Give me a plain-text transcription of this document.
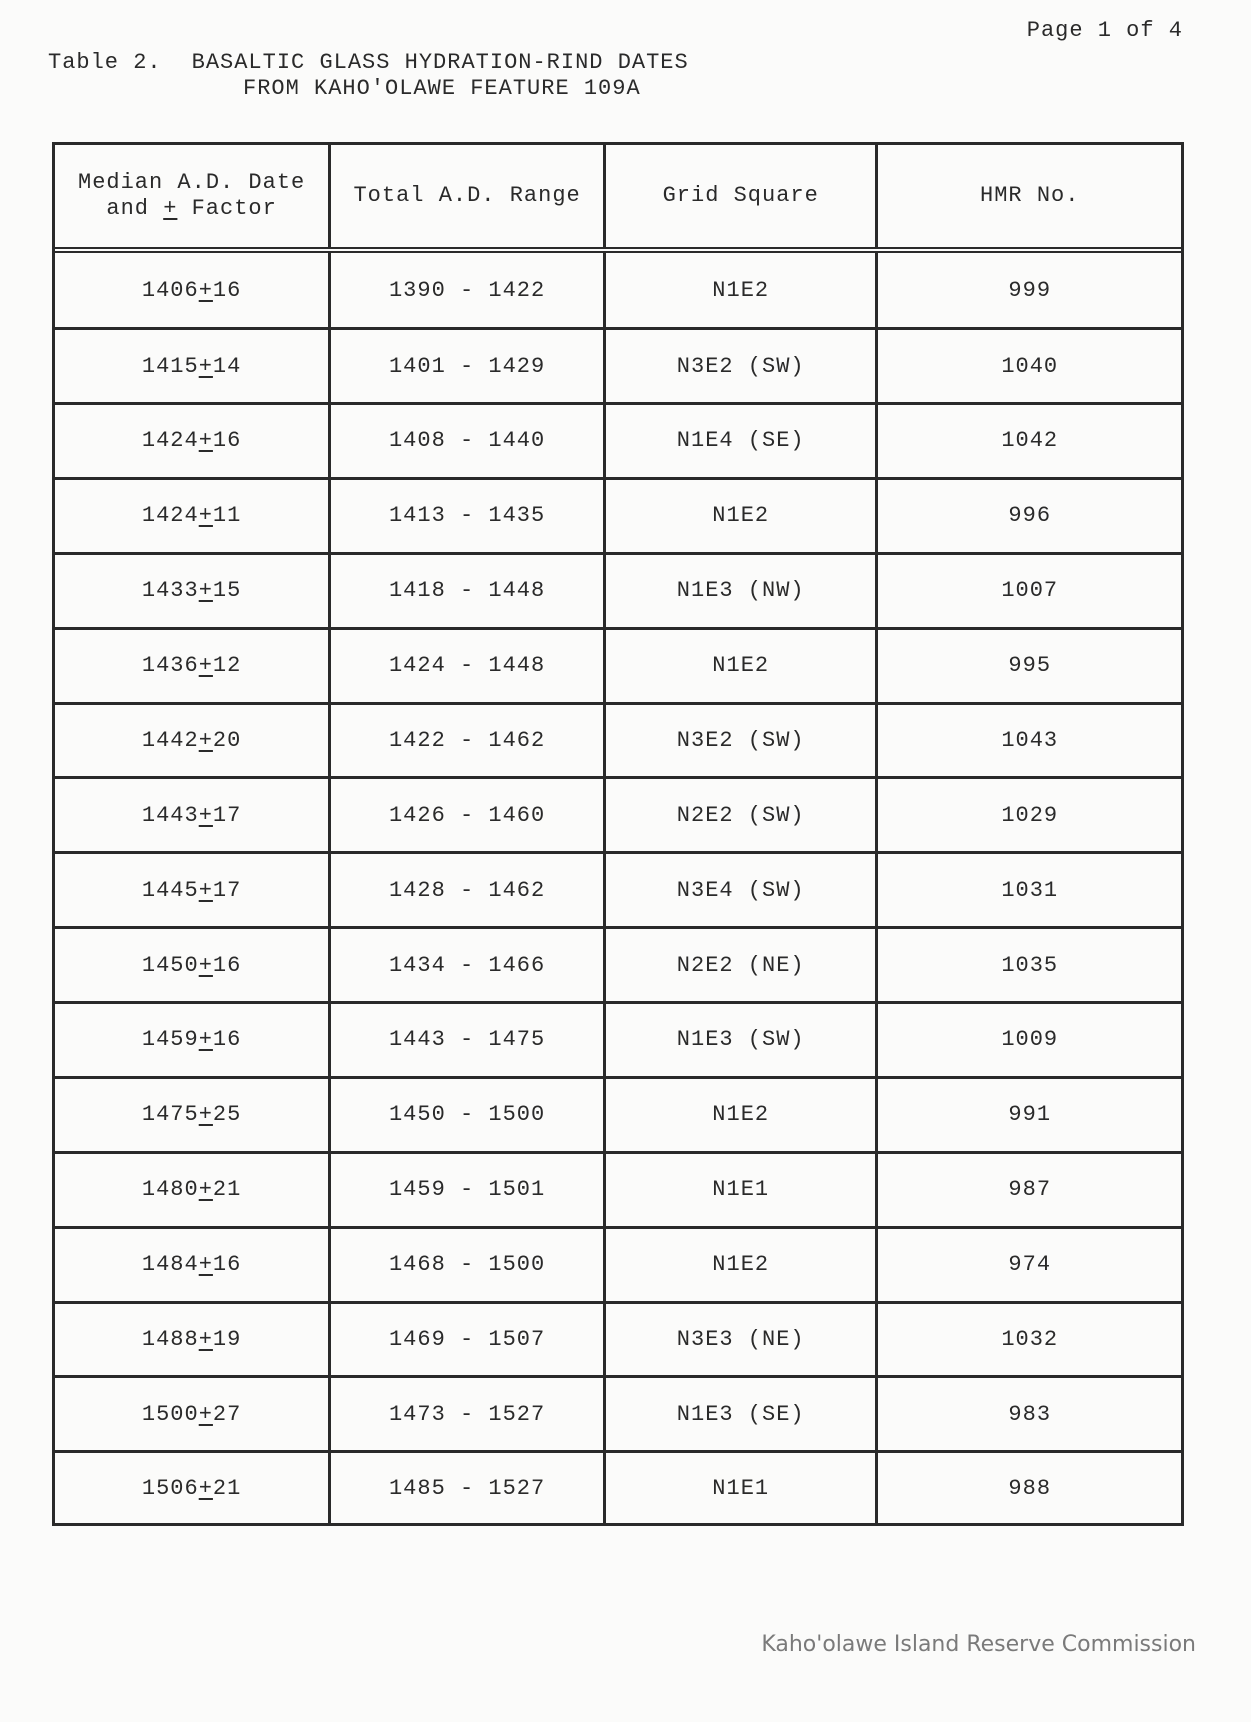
Page 1 of 4
Table 2. BASALTIC GLASS HYDRATION-RIND DATES
FROM KAHO'OLAWE FEATURE 109A
Median A.D. Date
and + Factor	Total A.D. Range	Grid Square	HMR No.
1406+16	1390 - 1422	N1E2	999
1415+14	1401 - 1429	N3E2 (SW)	1040
1424+16	1408 - 1440	N1E4 (SE)	1042
1424+11	1413 - 1435	N1E2	996
1433+15	1418 - 1448	N1E3 (NW)	1007
1436+12	1424 - 1448	N1E2	995
1442+20	1422 - 1462	N3E2 (SW)	1043
1443+17	1426 - 1460	N2E2 (SW)	1029
1445+17	1428 - 1462	N3E4 (SW)	1031
1450+16	1434 - 1466	N2E2 (NE)	1035
1459+16	1443 - 1475	N1E3 (SW)	1009
1475+25	1450 - 1500	N1E2	991
1480+21	1459 - 1501	N1E1	987
1484+16	1468 - 1500	N1E2	974
1488+19	1469 - 1507	N3E3 (NE)	1032
1500+27	1473 - 1527	N1E3 (SE)	983
1506+21	1485 - 1527	N1E1	988
Kaho'olawe Island Reserve Commission
